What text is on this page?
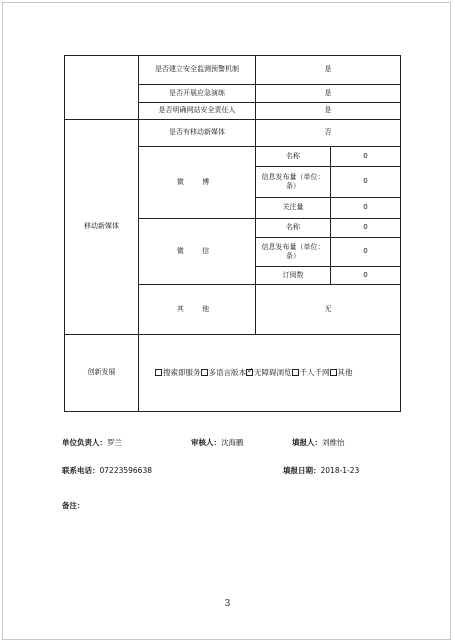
	是否建立安全监测预警机制	是	
	是否开展应急演练	是	
	是否明确网站安全责任人	是	
移动新媒体	是否有移动新媒体	否	
	微 博	名称	0
		信息发布量（单位：条）	0
		关注量	0
	微 信	名称	0
		信息发布量（单位：条）	0
		订阅数	0
	其 他	无	
创新发展	搜索即服务 多语言版本 ✓ 无障碍浏览 千人千网 其他
单位负责人：罗兰	审核人：沈海鹏	填报人：刘维怡
联系电话：07223596638	填报日期：2018-1-23
备注：
3
